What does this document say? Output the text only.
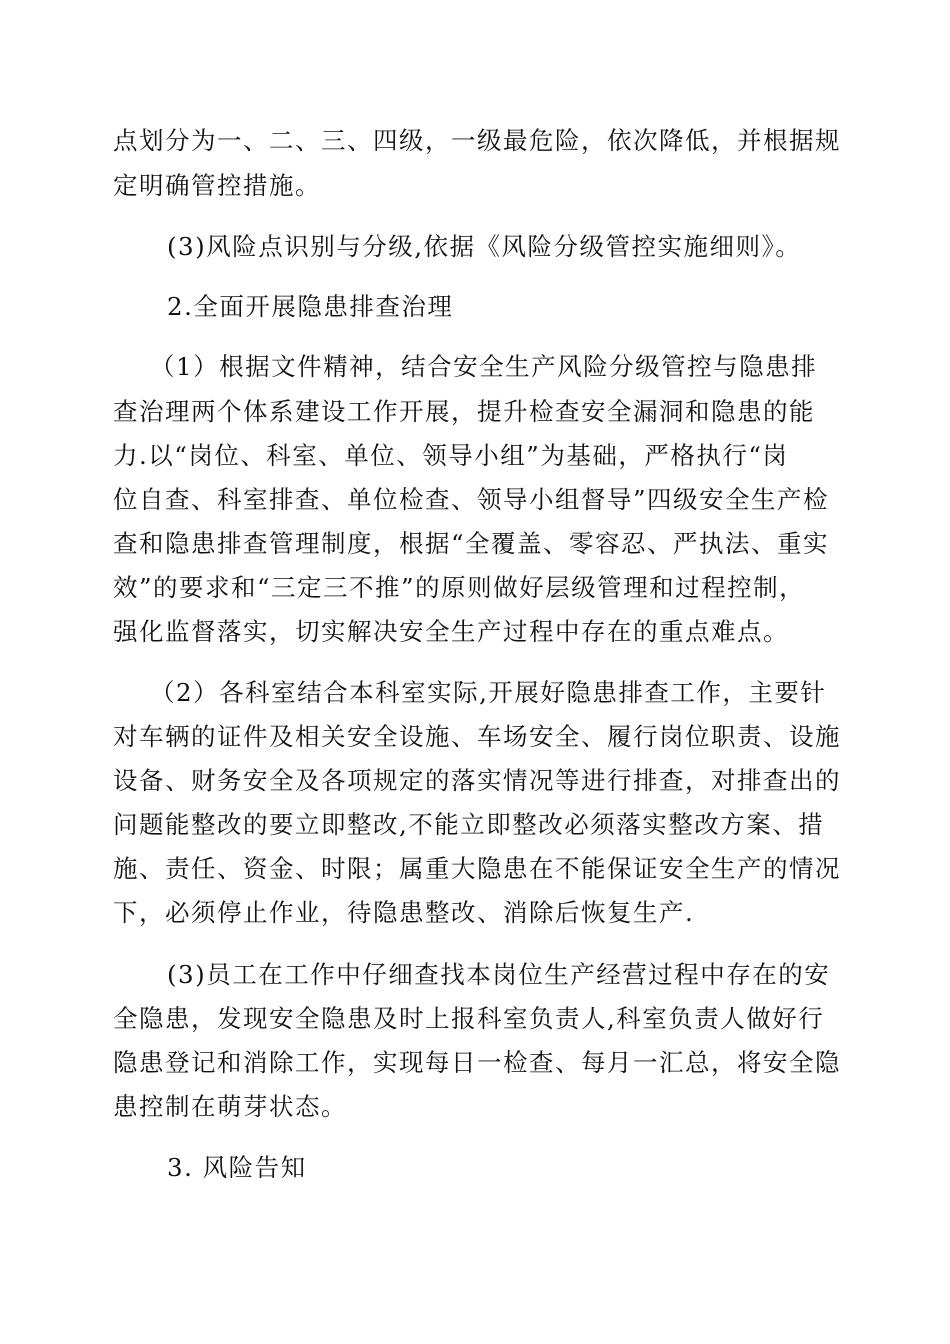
点划分为一、二、三、四级，一级最危险，依次降低，并根据规
定明确管控措施。
(3)风险点识别与分级,依据《风险分级管控实施细则》。
2.全面开展隐患排查治理
（1）根据文件精神，结合安全生产风险分级管控与隐患排
查治理两个体系建设工作开展，提升检查安全漏洞和隐患的能
力.以“岗位、科室、单位、领导小组”为基础，严格执行“岗
位自查、科室排查、单位检查、领导小组督导”四级安全生产检
查和隐患排查管理制度，根据“全覆盖、零容忍、严执法、重实
效”的要求和“三定三不推”的原则做好层级管理和过程控制，
强化监督落实，切实解决安全生产过程中存在的重点难点。
（2）各科室结合本科室实际,开展好隐患排查工作，主要针
对车辆的证件及相关安全设施、车场安全、履行岗位职责、设施
设备、财务安全及各项规定的落实情况等进行排查，对排查出的
问题能整改的要立即整改,不能立即整改必须落实整改方案、措
施、责任、资金、时限；属重大隐患在不能保证安全生产的情况
下，必须停止作业，待隐患整改、消除后恢复生产.
(3)员工在工作中仔细查找本岗位生产经营过程中存在的安
全隐患，发现安全隐患及时上报科室负责人,科室负责人做好行
隐患登记和消除工作，实现每日一检查、每月一汇总，将安全隐
患控制在萌芽状态。
3. 风险告知
